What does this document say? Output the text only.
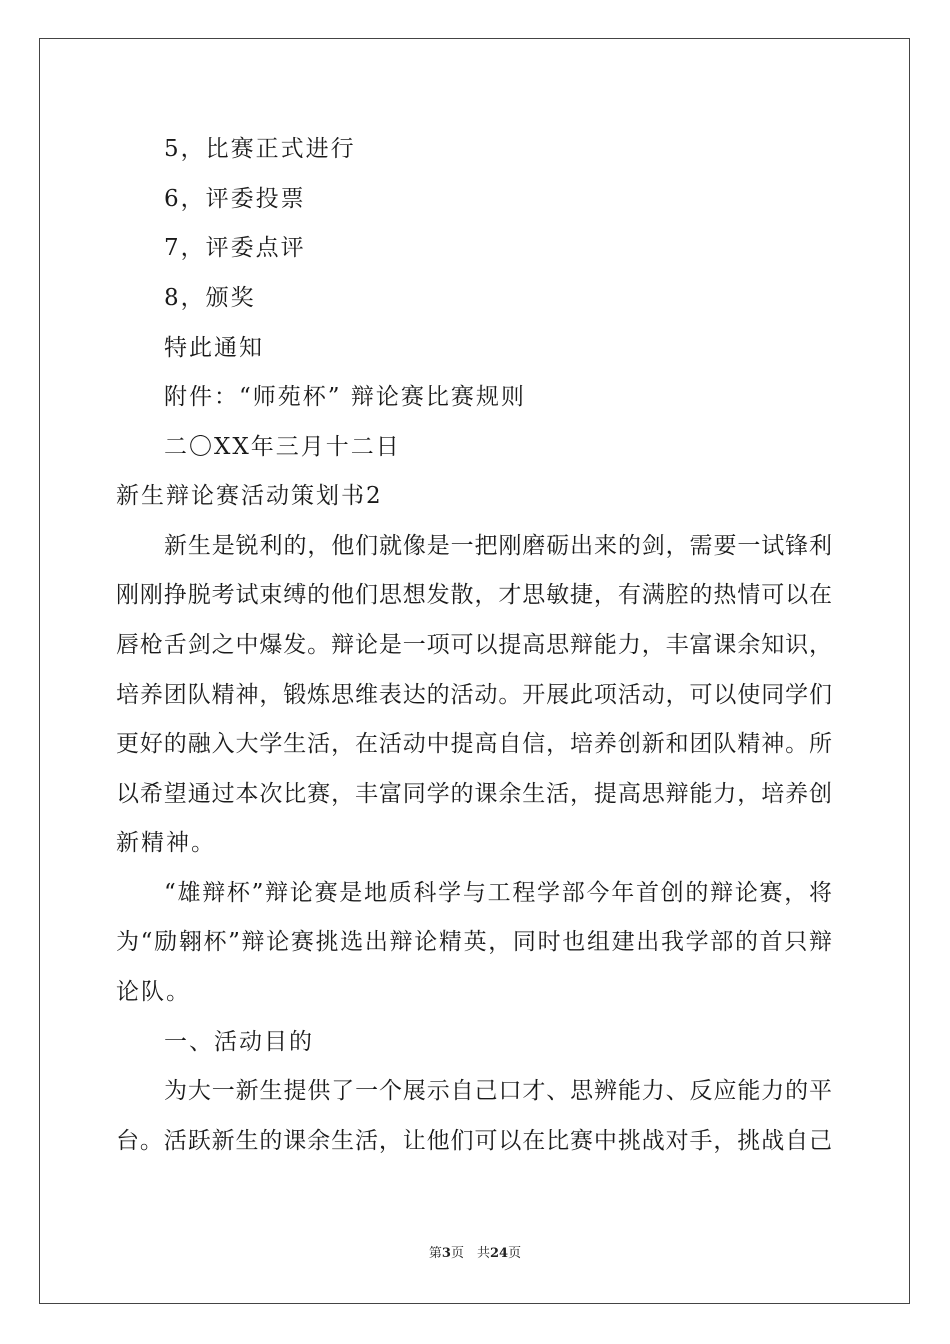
5，比赛正式进行
6，评委投票
7，评委点评
8，颁奖
特此通知
附件：“师苑杯” 辩论赛比赛规则
二〇XX年三月十二日
新生辩论赛活动策划书2
新生是锐利的，他们就像是一把刚磨砺出来的剑，需要一试锋利
刚刚挣脱考试束缚的他们思想发散，才思敏捷，有满腔的热情可以在
唇枪舌剑之中爆发。辩论是一项可以提高思辩能力，丰富课余知识，
培养团队精神，锻炼思维表达的活动。开展此项活动，可以使同学们
更好的融入大学生活，在活动中提高自信，培养创新和团队精神。所
以希望通过本次比赛，丰富同学的课余生活，提高思辩能力，培养创
新精神。
“雄辩杯”辩论赛是地质科学与工程学部今年首创的辩论赛，将
为“励翱杯”辩论赛挑选出辩论精英，同时也组建出我学部的首只辩
论队。
一、活动目的
为大一新生提供了一个展示自己口才、思辨能力、反应能力的平
台。活跃新生的课余生活，让他们可以在比赛中挑战对手，挑战自己
第3页　共24页
